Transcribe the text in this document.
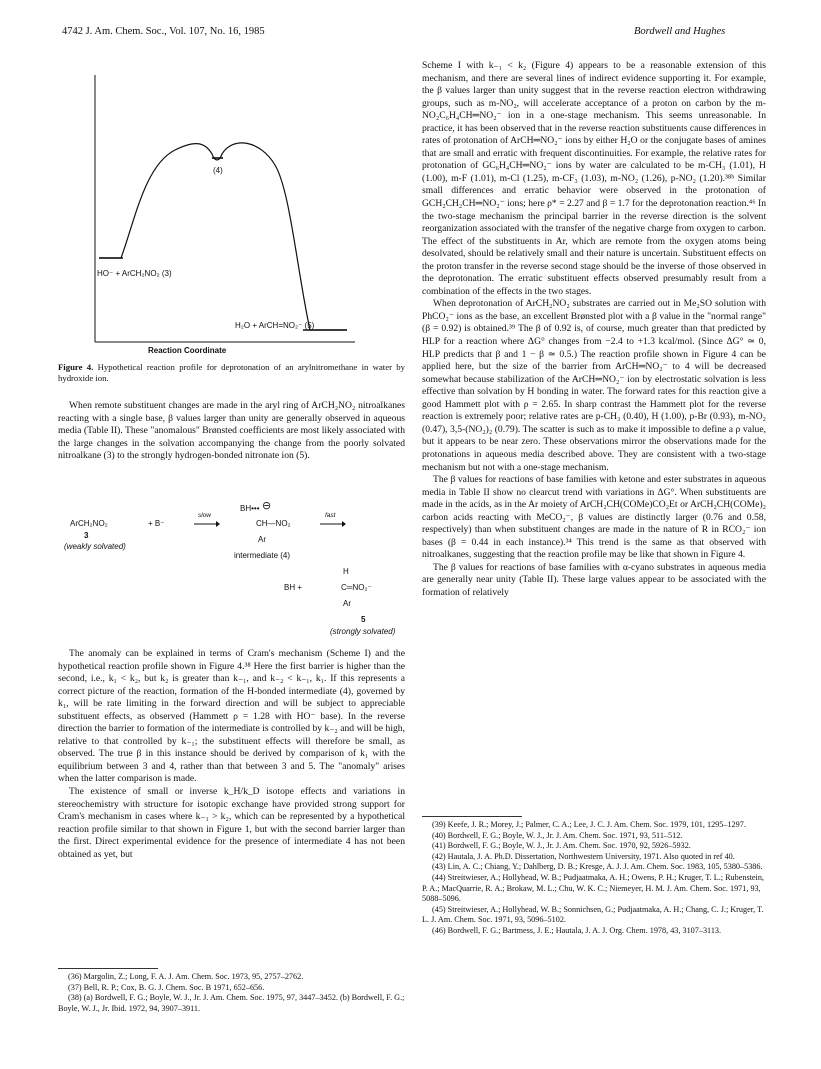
4742 J. Am. Chem. Soc., Vol. 107, No. 16, 1985	Bordwell and Hughes
(4)
HO⁻ + ArCH₂NO₂ (3)
H₂O + ArCH=NO₂⁻ (5)
Reaction Coordinate
Figure 4. Hypothetical reaction profile for deprotonation of an arylnitromethane in water by hydroxide ion.

When remote substituent changes are made in the aryl ring of ArCH₂NO₂ nitroalkanes reacting with a single base, β values larger than unity are generally observed in aqueous media (Table II). These "anomalous" Brønsted coefficients are most likely associated with the large changes in the solvation accompanying the change from the poorly solvated nitroalkane (3) to the strongly hydrogen-bonded nitronate ion (5).

ArCH₂NO₂
3
(weakly solvated)
+ B⁻
slow
BH••• ⊖
CH—NO₂
Ar
intermediate (4)
fast
BH +
H
C═NO₂⁻
Ar
5
(strongly solvated)

The anomaly can be explained in terms of Cram's mechanism (Scheme I) and the hypothetical reaction profile shown in Figure 4.³⁸ Here the first barrier is higher than the second, i.e., k₁ < k₂, but k₂ is greater than k₋₁, and k₋₂ < k₋₁, k₁. If this represents a correct picture of the reaction, formation of the H-bonded intermediate (4), governed by k₁, will be rate limiting in the forward direction and will be subject to appreciable substituent effects, as observed (Hammett ρ = 1.28 with HO⁻ base). In the reverse direction the barrier to formation of the intermediate is controlled by k₋₂ and will be high, relative to that controlled by k₋₁; the substituent effects will therefore be small, as observed. The true β in this instance should be derived by comparison of k₁ with the equilibrium between 3 and 4, rather than that between 3 and 5. The "anomaly" arises when the latter comparison is made.

The existence of small or inverse k_H/k_D isotope effects and variations in stereochemistry with structure for isotopic exchange have provided strong support for Cram's mechanism in cases where k₋₁ > k₂, which can be represented by a hypothetical reaction profile similar to that shown in Figure 1, but with the second barrier larger than the first. Direct experimental evidence for the presence of intermediate 4 has not been obtained as yet, but

(36) Margolin, Z.; Long, F. A. J. Am. Chem. Soc. 1973, 95, 2757–2762.
(37) Bell, R. P.; Cox, B. G. J. Chem. Soc. B 1971, 652–656.
(38) (a) Bordwell, F. G.; Boyle, W. J., Jr. J. Am. Chem. Soc. 1975, 97, 3447–3452. (b) Bordwell, F. G.; Boyle, W. J., Jr. Ibid. 1972, 94, 3907–3911.

Scheme I with k₋₁ < k₂ (Figure 4) appears to be a reasonable extension of this mechanism, and there are several lines of indirect evidence supporting it. For example, the β values larger than unity suggest that in the reverse reaction electron withdrawing groups, such as m-NO₂, will accelerate acceptance of a proton on carbon by the m-NO₂C₆H₄CH═NO₂⁻ ion in a one-stage mechanism. This seems unreasonable. In practice, it has been observed that in the reverse reaction substituents cause differences in rates of protonation of ArCH═NO₂⁻ ions by either H₂O or the conjugate bases of amines that are small and erratic with frequent discontinuities. For example, the relative rates for protonation of GC₆H₄CH═NO₂⁻ ions by water are calculated to be m-CH₃ (1.01), H (1.00), m-F (1.01), m-Cl (1.25), m-CF₃ (1.03), m-NO₂ (1.26), p-NO₂ (1.20).³⁸ᵇ Similar small differences and erratic behavior were observed in the protonation of GCH₂CH₂CH═NO₂⁻ ions; here ρ* = 2.27 and β = 1.7 for the deprotonation reaction.⁴⁶ In the two-stage mechanism the principal barrier in the reverse direction is the solvent reorganization associated with the transfer of the negative charge from oxygen to carbon. The effect of the substituents in Ar, which are remote from the oxygen atoms being desolvated, should be relatively small and their nature is uncertain. Substituent effects on the proton transfer in the reverse second stage should be the inverse of those observed in the deprotonation. The erratic substituent effects observed presumably result from a combination of the effects in the two stages.

When deprotonation of ArCH₂NO₂ substrates are carried out in Me₂SO solution with PhCO₂⁻ ions as the base, an excellent Brønsted plot with a β value in the "normal range" (β = 0.92) is obtained.³⁹ The β of 0.92 is, of course, much greater than that predicted by HLP for a reaction where ΔG° changes from −2.4 to +1.3 kcal/mol. (Since ΔG° ≃ 0, HLP predicts that β and 1 − β ≃ 0.5.) The reaction profile shown in Figure 4 can be applied here, but the size of the barrier from ArCH═NO₂⁻ to 4 will be decreased somewhat because stabilization of the ArCH═NO₂⁻ ion by electrostatic solvation is less effective than solvation by H bonding in water. The forward rates for this reaction give a good Hammett plot with ρ = 2.65. In sharp contrast the Hammett plot for the reverse reaction is extremely poor; relative rates are p-CH₃ (0.40), H (1.00), p-Br (0.93), m-NO₂ (0.47), 3,5-(NO₂)₂ (0.79). The scatter is such as to make it impossible to define a ρ value, but it appears to be near zero. These observations mirror the observations made for the protonations in aqueous media described above. They are consistent with a two-stage mechanism but not with a one-stage mechanism.

The β values for reactions of base families with ketone and ester substrates in aqueous media in Table II show no clearcut trend with variations in ΔG°. When substituents are made in the acids, as in the Ar moiety of ArCH₂CH(COMe)CO₂Et or ArCH₂CH(COMe)₂ carbon acids reacting with MeCO₂⁻, β values are distinctly larger (0.76 and 0.58, respectively) than when substituent changes are made in the nature of R in RCO₂⁻ ion bases (β = 0.44 in each instance).³⁴ This trend is the same as that observed with nitroalkanes, suggesting that the reaction profile may be like that shown in Figure 4.

The β values for reactions of base families with α-cyano substrates in aqueous media are generally near unity (Table II). These large values appear to be associated with the formation of relatively

(39) Keefe, J. R.; Morey, J.; Palmer, C. A.; Lee, J. C. J. Am. Chem. Soc. 1979, 101, 1295–1297.
(40) Bordwell, F. G.; Boyle, W. J., Jr. J. Am. Chem. Soc. 1971, 93, 511–512.
(41) Bordwell, F. G.; Boyle, W. J., Jr. J. Am. Chem. Soc. 1970, 92, 5926–5932.
(42) Hautala, J. A. Ph.D. Dissertation, Northwestern University, 1971. Also quoted in ref 40.
(43) Lin, A. C.; Chiang, Y.; Dahlberg, D. B.; Kresge, A. J. J. Am. Chem. Soc. 1983, 105, 5380–5386.
(44) Streitwieser, A.; Hollyhead, W. B.; Pudjaatmaka, A. H.; Owens, P. H.; Kruger, T. L.; Rubenstein, P. A.; MacQuarrie, R. A.; Brokaw, M. L.; Chu, W. K. C.; Niemeyer, H. M. J. Am. Chem. Soc. 1971, 93, 5088–5096.
(45) Streitwieser, A.; Hollyhead, W. B.; Sonnichsen, G.; Pudjaatmaka, A. H.; Chang, C. J.; Kruger, T. L. J. Am. Chem. Soc. 1971, 93, 5096–5102.
(46) Bordwell, F. G.; Bartmess, J. E.; Hautala, J. A. J. Org. Chem. 1978, 43, 3107–3113.
